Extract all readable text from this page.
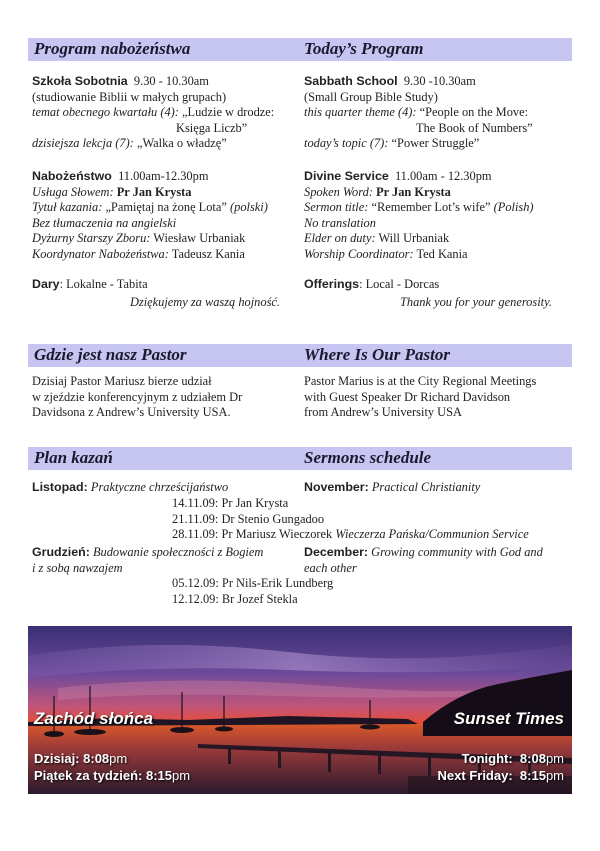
Program nabożeństwa	Today’s Program
Szkoła Sobotnia 9.30 - 10.30am
(studiowanie Biblii w małych grupach)
temat obecnego kwartału (4): „Ludzie w drodze:
Księga Liczb”
dzisiejsza lekcja (7): „Walka o władzę”
Sabbath School 9.30 -10.30am
(Small Group Bible Study)
this quarter theme (4): “People on the Move:
The Book of Numbers”
today’s topic (7): “Power Struggle”
Nabożeństwo 11.00am-12.30pm
Usługa Słowem: Pr Jan Krysta
Tytuł kazania: „Pamiętaj na żonę Lota” (polski)
Bez tłumaczenia na angielski
Dyżurny Starszy Zboru: Wiesław Urbaniak
Koordynator Nabożeństwa: Tadeusz Kania
Divine Service 11.00am - 12.30pm
Spoken Word: Pr Jan Krysta
Sermon title: “Remember Lot’s wife” (Polish)
No translation
Elder on duty: Will Urbaniak
Worship Coordinator: Ted Kania
Dary: Lokalne - Tabita
Dziękujemy za waszą hojność.
Offerings: Local - Dorcas
Thank you for your generosity.
Gdzie jest nasz Pastor	Where Is Our Pastor
Dzisiaj Pastor Mariusz bierze udział
w zjeździe konferencyjnym z udziałem Dr
Davidsona z Andrew’s University USA.
Pastor Marius is at the City Regional Meetings
with Guest Speaker Dr Richard Davidson
from Andrew’s University USA
Plan kazań	Sermons schedule
Listopad: Praktyczne chrześcijaństwo	November: Practical Christianity
14.11.09: Pr Jan Krysta
21.11.09: Dr Stenio Gungadoo
28.11.09: Pr Mariusz Wieczorek Wieczerza Pańska/Communion Service
Grudzień: Budowanie społeczności z Bogiem
i z sobą nawzajem
December: Growing community with God and
each other
05.12.09: Pr Nils-Erik Lundberg
12.12.09: Br Jozef Stekla
Zachód słońca	Sunset Times
Dzisiaj: 8:08pm
Piątek za tydzień: 8:15pm
Tonight: 8:08pm
Next Friday: 8:15pm
